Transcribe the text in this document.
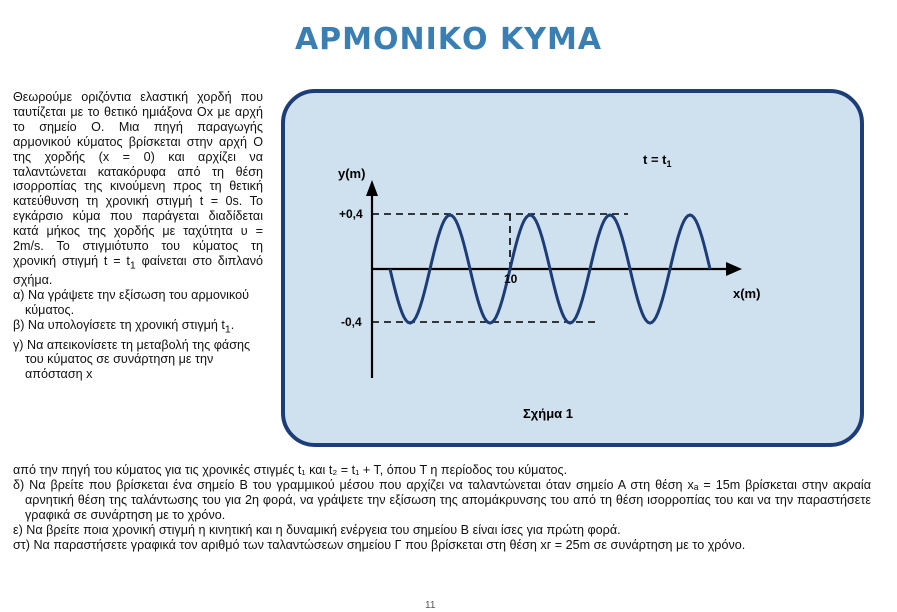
ΑΡΜΟΝΙΚΟ ΚΥΜΑ

Θεωρούμε οριζόντια ελαστική χορδή που ταυτίζεται με το θετικό ημιάξονα Οx με αρχή το σημείο Ο. Μια πηγή παραγωγής αρμονικού κύματος βρίσκεται στην αρχή Ο της χορδής (x = 0) και αρχίζει να ταλαντώνεται κατακόρυφα από τη θέση ισορροπίας της κινούμενη προς τη θετική κατεύθυνση τη χρονική στιγμή t = 0s. Το εγκάρσιο κύμα που παράγεται διαδίδεται κατά μήκος της χορδής με ταχύτητα υ = 2m/s. Το στιγμιότυπο του κύματος τη χρονική στιγμή $t = t_1$ φαίνεται στο διπλανό σχήμα.

α) Να γράψετε την εξίσωση του αρμονικού κύματος.

β) Να υπολογίσετε τη χρονική στιγμή $t_1$.

γ) Να απεικονίσετε τη μεταβολή της φάσης του κύματος σε συνάρτηση με την απόσταση x

y(m)
x(m)
+0,4
-0,4
10
$t = t_1$
Σχήμα 1

από την πηγή του κύματος για τις χρονικές στιγμές t₁ και t₂ = t₁ + T, όπου T η περίοδος του κύματος.

δ) Να βρείτε που βρίσκεται ένα σημείο Β του γραμμικού μέσου που αρχίζει να ταλαντώνεται όταν σημείο Α στη θέση xₐ = 15m βρίσκεται στην ακραία αρνητική θέση της ταλάντωσης του για 2η φορά, να γράψετε την εξίσωση της απομάκρυνσης του από τη θέση ισορροπίας του και να την παραστήσετε γραφικά σε συνάρτηση με το χρόνο.

ε) Να βρείτε ποια χρονική στιγμή η κινητική και η δυναμική ενέργεια του σημείου Β είναι ίσες για πρώτη φορά.

στ) Να παραστήσετε γραφικά τον αριθμό των ταλαντώσεων σημείου Γ που βρίσκεται στη θέση xᴦ = 25m σε συνάρτηση με το χρόνο.

11
